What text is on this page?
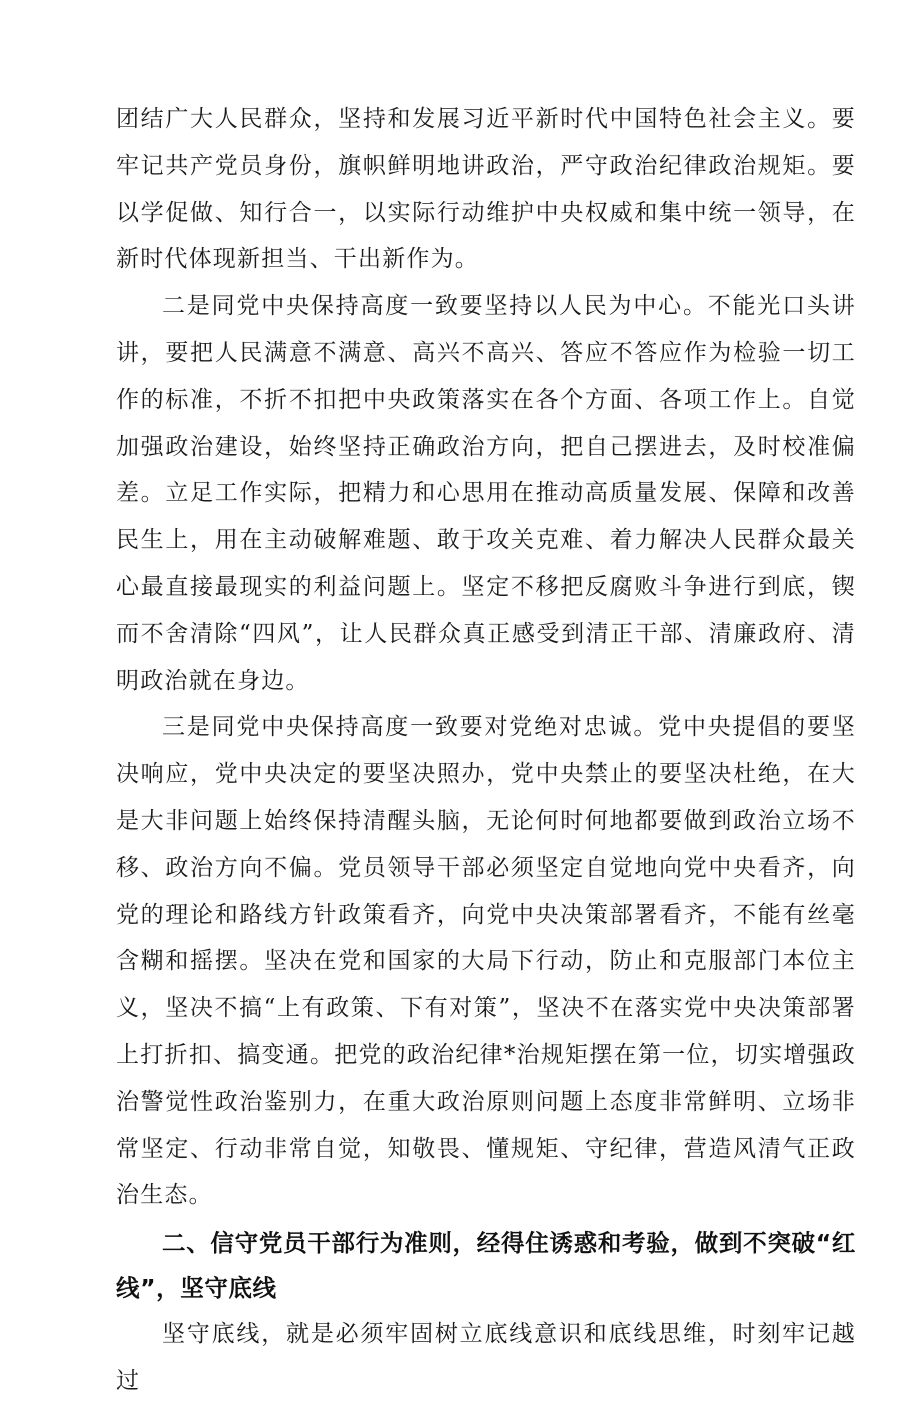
团结广大人民群众，坚持和发展习近平新时代中国特色社会主义。要牢记共产党员身份，旗帜鲜明地讲政治，严守政治纪律政治规矩。要以学促做、知行合一，以实际行动维护中央权威和集中统一领导，在新时代体现新担当、干出新作为。

二是同党中央保持高度一致要坚持以人民为中心。不能光口头讲讲，要把人民满意不满意、高兴不高兴、答应不答应作为检验一切工作的标准，不折不扣把中央政策落实在各个方面、各项工作上。自觉加强政治建设，始终坚持正确政治方向，把自己摆进去，及时校准偏差。立足工作实际，把精力和心思用在推动高质量发展、保障和改善民生上，用在主动破解难题、敢于攻关克难、着力解决人民群众最关心最直接最现实的利益问题上。坚定不移把反腐败斗争进行到底，锲而不舍清除“四风”，让人民群众真正感受到清正干部、清廉政府、清明政治就在身边。

三是同党中央保持高度一致要对党绝对忠诚。党中央提倡的要坚决响应，党中央决定的要坚决照办，党中央禁止的要坚决杜绝，在大是大非问题上始终保持清醒头脑，无论何时何地都要做到政治立场不移、政治方向不偏。党员领导干部必须坚定自觉地向党中央看齐，向党的理论和路线方针政策看齐，向党中央决策部署看齐，不能有丝毫含糊和摇摆。坚决在党和国家的大局下行动，防止和克服部门本位主义，坚决不搞“上有政策、下有对策”，坚决不在落实党中央决策部署上打折扣、搞变通。把党的政治纪律*治规矩摆在第一位，切实增强政治警觉性政治鉴别力，在重大政治原则问题上态度非常鲜明、立场非常坚定、行动非常自觉，知敬畏、懂规矩、守纪律，营造风清气正政治生态。

二、信守党员干部行为准则，经得住诱惑和考验，做到不突破“红线”，坚守底线

坚守底线，就是必须牢固树立底线意识和底线思维，时刻牢记越过
